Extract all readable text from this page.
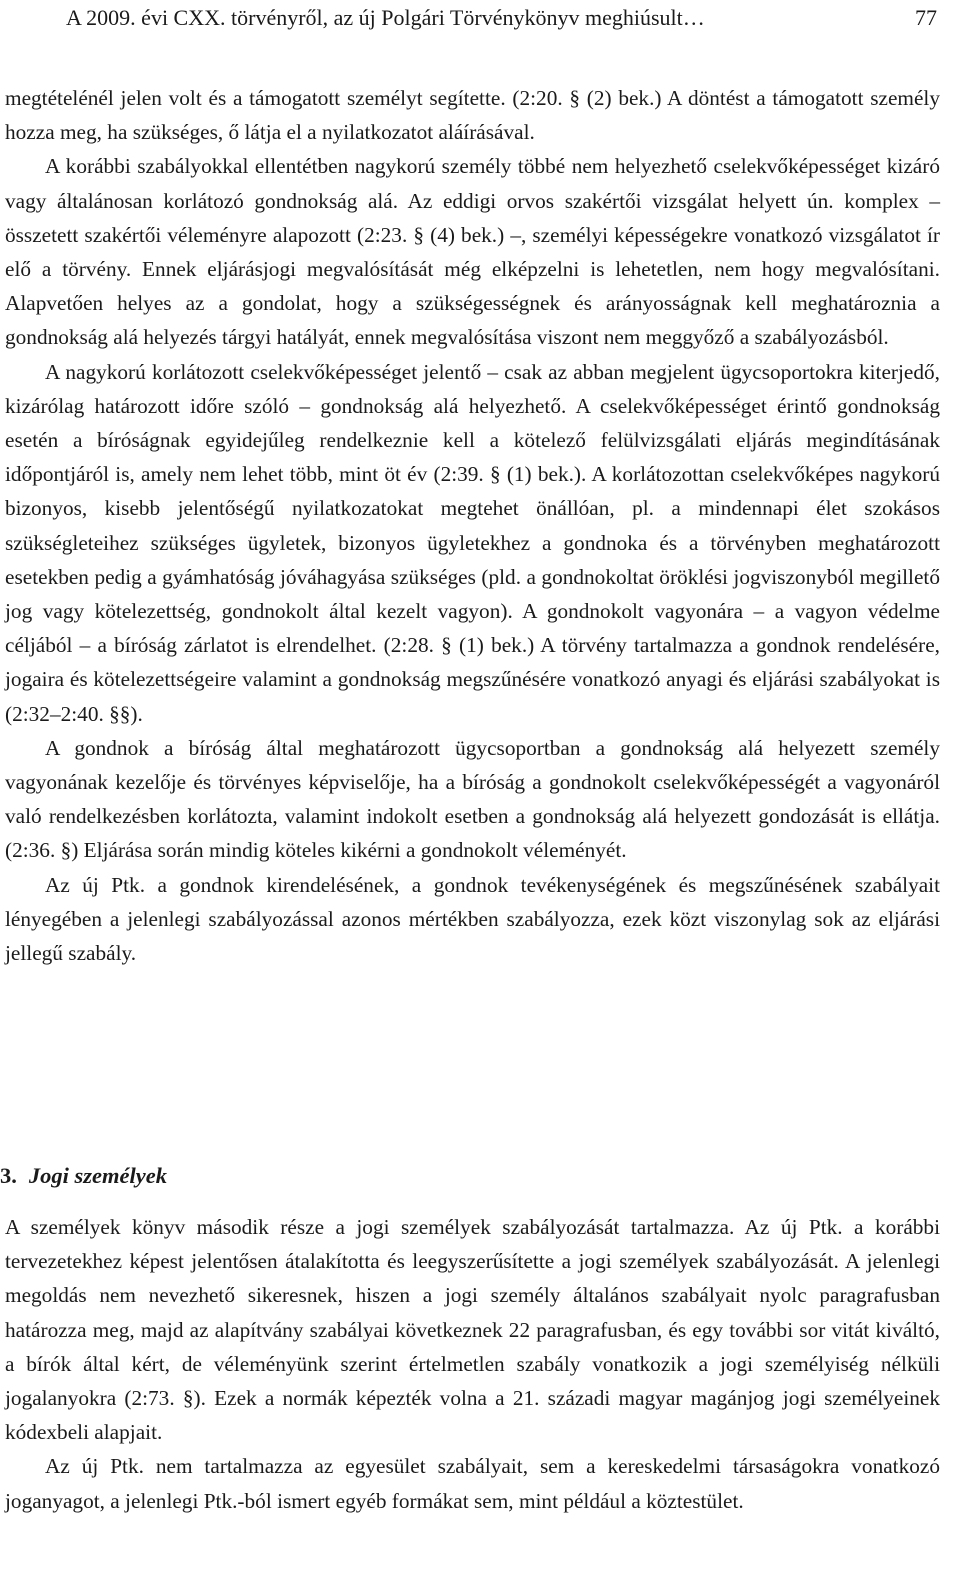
A 2009. évi CXX. törvényről, az új Polgári Törvénykönyv meghiúsult…	77

megtételénél jelen volt és a támogatott személyt segítette. (2:20. § (2) bek.) A döntést a támogatott személy hozza meg, ha szükséges, ő látja el a nyilatkozatot aláírásával.

A korábbi szabályokkal ellentétben nagykorú személy többé nem helyezhető cselekvőképességet kizáró vagy általánosan korlátozó gondnokság alá. Az eddigi orvos szakértői vizsgálat helyett ún. komplex – összetett szakértői véleményre alapozott (2:23. § (4) bek.) –, személyi képességekre vonatkozó vizsgálatot ír elő a törvény. Ennek eljárásjogi megvalósítását még elképzelni is lehetetlen, nem hogy megvalósítani. Alapvetően helyes az a gondolat, hogy a szükségességnek és arányosságnak kell meghatároznia a gondnokság alá helyezés tárgyi hatályát, ennek megvalósítása viszont nem meggyőző a szabályozásból.

A nagykorú korlátozott cselekvőképességet jelentő – csak az abban megjelent ügycsoportokra kiterjedő, kizárólag határozott időre szóló – gondnokság alá helyezhető. A cselekvőképességet érintő gondnokság esetén a bíróságnak egyidejűleg rendelkeznie kell a kötelező felülvizsgálati eljárás megindításának időpontjáról is, amely nem lehet több, mint öt év (2:39. § (1) bek.). A korlátozottan cselekvőképes nagykorú bizonyos, kisebb jelentőségű nyilatkozatokat megtehet önállóan, pl. a mindennapi élet szokásos szükségleteihez szükséges ügyletek, bizonyos ügyletekhez a gondnoka és a törvényben meghatározott esetekben pedig a gyámhatóság jóváhagyása szükséges (pld. a gondnokoltat öröklési jogviszonyból megillető jog vagy kötelezettség, gondnokolt által kezelt vagyon). A gondnokolt vagyonára – a vagyon védelme céljából – a bíróság zárlatot is elrendelhet. (2:28. § (1) bek.) A törvény tartalmazza a gondnok rendelésére, jogaira és kötelezettségeire valamint a gondnokság megszűnésére vonatkozó anyagi és eljárási szabályokat is (2:32–2:40. §§).

A gondnok a bíróság által meghatározott ügycsoportban a gondnokság alá helyezett személy vagyonának kezelője és törvényes képviselője, ha a bíróság a gondnokolt cselekvőképességét a vagyonáról való rendelkezésben korlátozta, valamint indokolt esetben a gondnokság alá helyezett gondozását is ellátja. (2:36. §) Eljárása során mindig köteles kikérni a gondnokolt véleményét.

Az új Ptk. a gondnok kirendelésének, a gondnok tevékenységének és megszűnésének szabályait lényegében a jelenlegi szabályozással azonos mértékben szabályozza, ezek közt viszonylag sok az eljárási jellegű szabály.

3. Jogi személyek

A személyek könyv második része a jogi személyek szabályozását tartalmazza. Az új Ptk. a korábbi tervezetekhez képest jelentősen átalakította és leegyszerűsítette a jogi személyek szabályozását. A jelenlegi megoldás nem nevezhető sikeresnek, hiszen a jogi személy általános szabályait nyolc paragrafusban határozza meg, majd az alapítvány szabályai következnek 22 paragrafusban, és egy további sor vitát kiváltó, a bírók által kért, de véleményünk szerint értelmetlen szabály vonatkozik a jogi személyiség nélküli jogalanyokra (2:73. §). Ezek a normák képezték volna a 21. századi magyar magánjog jogi személyeinek kódexbeli alapjait.

Az új Ptk. nem tartalmazza az egyesület szabályait, sem a kereskedelmi társaságokra vonatkozó joganyagot, a jelenlegi Ptk.-ból ismert egyéb formákat sem, mint például a köztestület.
